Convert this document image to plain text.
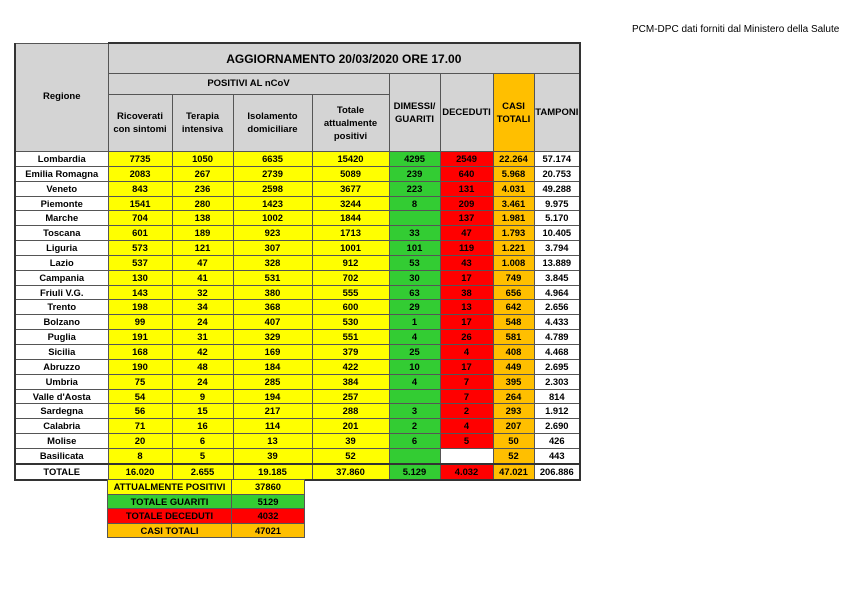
PCM-DPC dati forniti dal Ministero della Salute
Regione	AGGIORNAMENTO 20/03/2020 ORE 17.00							
	POSITIVI AL nCoV				DIMESSI/ GUARITI	DECEDUTI	CASI TOTALI	TAMPONI
	Ricoverati con sintomi	Terapia intensiva	Isolamento domiciliare	Totale attualmente positivi				
Lombardia	7735	1050	6635	15420	4295	2549	22.264	57.174
Emilia Romagna	2083	267	2739	5089	239	640	5.968	20.753
Veneto	843	236	2598	3677	223	131	4.031	49.288
Piemonte	1541	280	1423	3244	8	209	3.461	9.975
Marche	704	138	1002	1844		137	1.981	5.170
Toscana	601	189	923	1713	33	47	1.793	10.405
Liguria	573	121	307	1001	101	119	1.221	3.794
Lazio	537	47	328	912	53	43	1.008	13.889
Campania	130	41	531	702	30	17	749	3.845
Friuli V.G.	143	32	380	555	63	38	656	4.964
Trento	198	34	368	600	29	13	642	2.656
Bolzano	99	24	407	530	1	17	548	4.433
Puglia	191	31	329	551	4	26	581	4.789
Sicilia	168	42	169	379	25	4	408	4.468
Abruzzo	190	48	184	422	10	17	449	2.695
Umbria	75	24	285	384	4	7	395	2.303
Valle d'Aosta	54	9	194	257		7	264	814
Sardegna	56	15	217	288	3	2	293	1.912
Calabria	71	16	114	201	2	4	207	2.690
Molise	20	6	13	39	6	5	50	426
Basilicata	8	5	39	52			52	443
TOTALE	16.020	2.655	19.185	37.860	5.129	4.032	47.021	206.886
ATTUALMENTE POSITIVI	37860
TOTALE GUARITI	5129
TOTALE DECEDUTI	4032
CASI TOTALI	47021
